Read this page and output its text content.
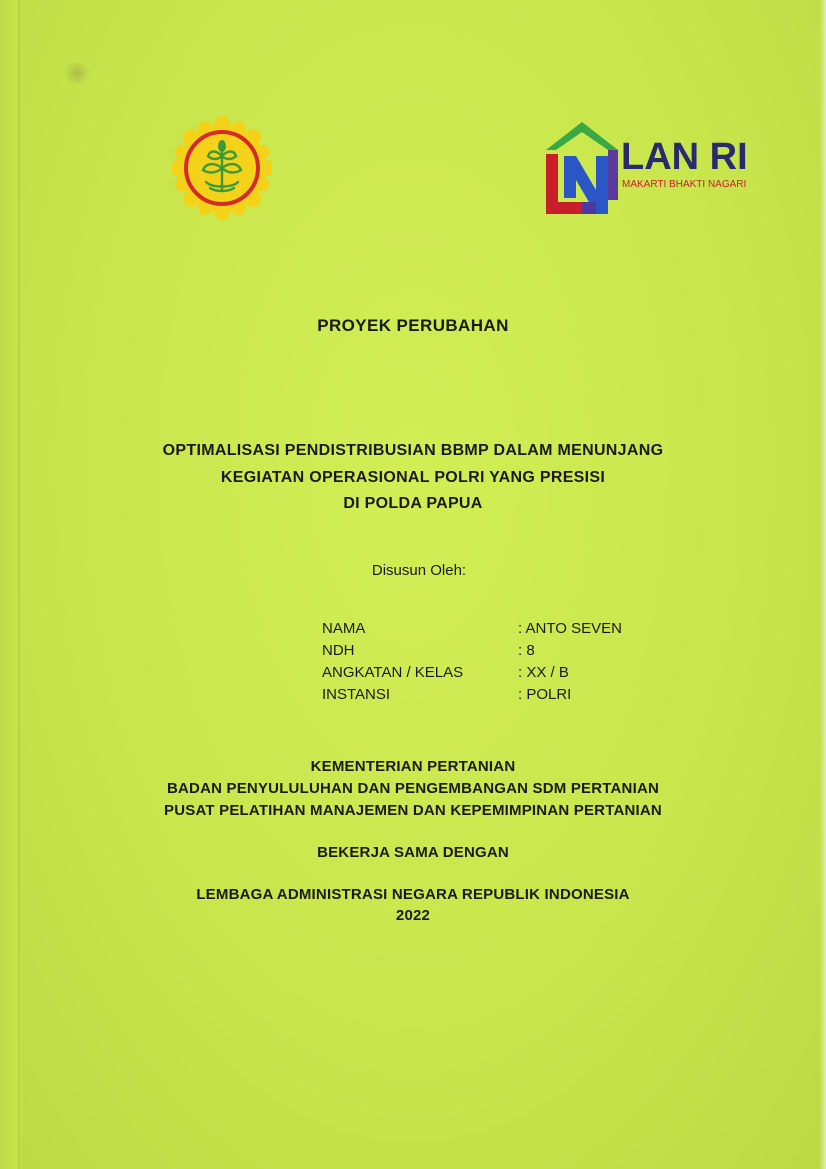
LAN RI
MAKARTI BHAKTI NAGARI
PROYEK PERUBAHAN
OPTIMALISASI PENDISTRIBUSIAN BBMP DALAM MENUNJANG
KEGIATAN OPERASIONAL POLRI YANG PRESISI
DI POLDA PAPUA
Disusun Oleh:
NAMA	: ANTO SEVEN
NDH	: 8
ANGKATAN / KELAS	: XX / B
INSTANSI	: POLRI
KEMENTERIAN PERTANIAN
BADAN PENYULULUHAN DAN PENGEMBANGAN SDM PERTANIAN
PUSAT PELATIHAN MANAJEMEN DAN KEPEMIMPINAN PERTANIAN
BEKERJA SAMA DENGAN
LEMBAGA ADMINISTRASI NEGARA REPUBLIK INDONESIA
2022
